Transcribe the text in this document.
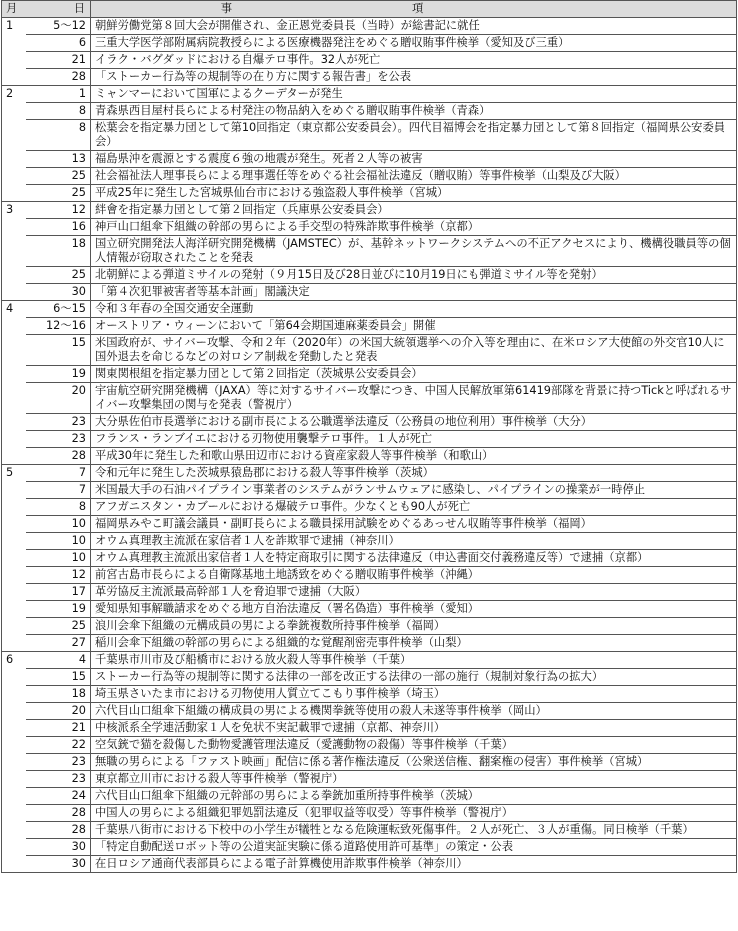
月	日	事項
1	5～12	朝鮮労働党第８回大会が開催され、金正恩党委員長（当時）が総書記に就任
	6	三重大学医学部附属病院教授らによる医療機器発注をめぐる贈収賄事件検挙（愛知及び三重）
	21	イラク・バグダッドにおける自爆テロ事件。32人が死亡
	28	「ストーカー行為等の規制等の在り方に関する報告書」を公表
2	1	ミャンマーにおいて国軍によるクーデターが発生
	8	青森県西目屋村長らによる村発注の物品納入をめぐる贈収賄事件検挙（青森）
	8	松葉会を指定暴力団として第10回指定（東京都公安委員会）。四代目福博会を指定暴力団として第８回指定（福岡県公安委員会）
	13	福島県沖を震源とする震度６強の地震が発生。死者２人等の被害
	25	社会福祉法人理事長らによる理事選任等をめぐる社会福祉法違反（贈収賄）等事件検挙（山梨及び大阪）
	25	平成25年に発生した宮城県仙台市における強盗殺人事件検挙（宮城）
3	12	絆會を指定暴力団として第２回指定（兵庫県公安委員会）
	16	神戸山口組傘下組織の幹部の男らによる手交型の特殊詐欺事件検挙（京都）
	18	国立研究開発法人海洋研究開発機構（JAMSTEC）が、基幹ネットワークシステムへの不正アクセスにより、機構役職員等の個人情報が窃取されたことを発表
	25	北朝鮮による弾道ミサイルの発射（９月15日及び28日並びに10月19日にも弾道ミサイル等を発射）
	30	「第４次犯罪被害者等基本計画」閣議決定
4	6～15	令和３年春の全国交通安全運動
	12～16	オーストリア・ウィーンにおいて「第64会期国連麻薬委員会」開催
	15	米国政府が、サイバー攻撃、令和２年（2020年）の米国大統領選挙への介入等を理由に、在米ロシア大使館の外交官10人に国外退去を命じるなどの対ロシア制裁を発動したと発表
	19	関東関根組を指定暴力団として第２回指定（茨城県公安委員会）
	20	宇宙航空研究開発機構（JAXA）等に対するサイバー攻撃につき、中国人民解放軍第61419部隊を背景に持つTickと呼ばれるサイバー攻撃集団の関与を発表（警視庁）
	23	大分県佐伯市長選挙における副市長による公職選挙法違反（公務員の地位利用）事件検挙（大分）
	23	フランス・ランブイエにおける刃物使用襲撃テロ事件。１人が死亡
	28	平成30年に発生した和歌山県田辺市における資産家殺人等事件検挙（和歌山）
5	7	令和元年に発生した茨城県猿島郡における殺人等事件検挙（茨城）
	7	米国最大手の石油パイプライン事業者のシステムがランサムウェアに感染し、パイプラインの操業が一時停止
	8	アフガニスタン・カブールにおける爆破テロ事件。少なくとも90人が死亡
	10	福岡県みやこ町議会議員・副町長らによる職員採用試験をめぐるあっせん収賄等事件検挙（福岡）
	10	オウム真理教主流派在家信者１人を詐欺罪で逮捕（神奈川）
	10	オウム真理教主流派出家信者１人を特定商取引に関する法律違反（申込書面交付義務違反等）で逮捕（京都）
	12	前宮古島市長らによる自衛隊基地土地誘致をめぐる贈収賄事件検挙（沖縄）
	17	革労協反主流派最高幹部１人を脅迫罪で逮捕（大阪）
	19	愛知県知事解職請求をめぐる地方自治法違反（署名偽造）事件検挙（愛知）
	25	浪川会傘下組織の元構成員の男による拳銃複数所持事件検挙（福岡）
	27	稲川会傘下組織の幹部の男らによる組織的な覚醒剤密売事件検挙（山梨）
6	4	千葉県市川市及び船橋市における放火殺人等事件検挙（千葉）
	15	ストーカー行為等の規制等に関する法律の一部を改正する法律の一部の施行（規制対象行為の拡大）
	18	埼玉県さいたま市における刃物使用人質立てこもり事件検挙（埼玉）
	20	六代目山口組傘下組織の構成員の男による機関拳銃等使用の殺人未遂等事件検挙（岡山）
	21	中核派系全学連活動家１人を免状不実記載罪で逮捕（京都、神奈川）
	22	空気銃で猫を殺傷した動物愛護管理法違反（愛護動物の殺傷）等事件検挙（千葉）
	23	無職の男らによる「ファスト映画」配信に係る著作権法違反（公衆送信権、翻案権の侵害）事件検挙（宮城）
	23	東京都立川市における殺人等事件検挙（警視庁）
	24	六代目山口組傘下組織の元幹部の男らによる拳銃加重所持事件検挙（茨城）
	28	中国人の男らによる組織犯罪処罰法違反（犯罪収益等収受）等事件検挙（警視庁）
	28	千葉県八街市における下校中の小学生が犠牲となる危険運転致死傷事件。２人が死亡、３人が重傷。同日検挙（千葉）
	30	「特定自動配送ロボット等の公道実証実験に係る道路使用許可基準」の策定・公表
	30	在日ロシア通商代表部員らによる電子計算機使用詐欺事件検挙（神奈川）
